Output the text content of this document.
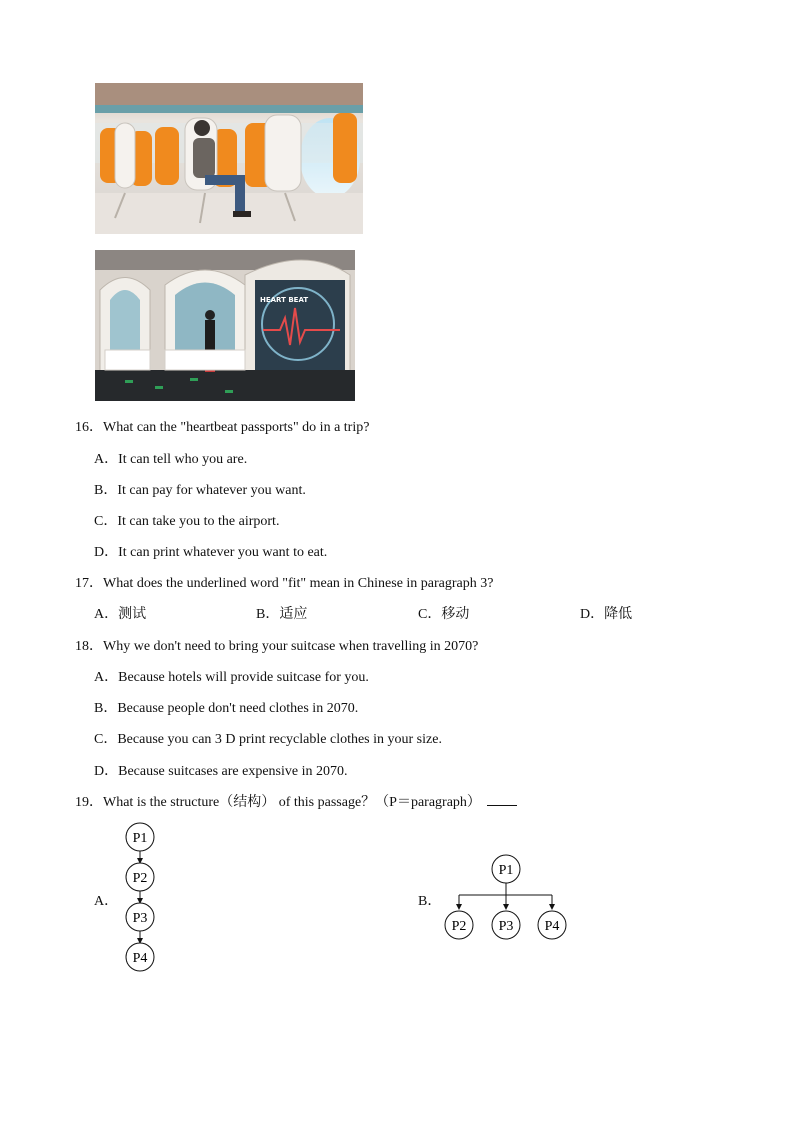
HEART BEAT
16．What can the "heartbeat passports" do in a trip?
A．It can tell who you are.
B．It can pay for whatever you want.
C．It can take you to the airport.
D．It can print whatever you want to eat.
17．What does the underlined word "fit" mean in Chinese in paragraph 3?
A．测试	B．适应	C．移动	D．降低
18．Why we don't need to bring your suitcase when travelling in 2070?
A．Because hotels will provide suitcase for you.
B．Because people don't need clothes in 2070.
C．Because you can 3 D print recyclable clothes in your size.
D．Because suitcases are expensive in 2070.
19．What is the structure（结构） of this passage？（P＝paragraph）
A．
P1
P2
P3
P4
B．
P1
P2 P3 P4
